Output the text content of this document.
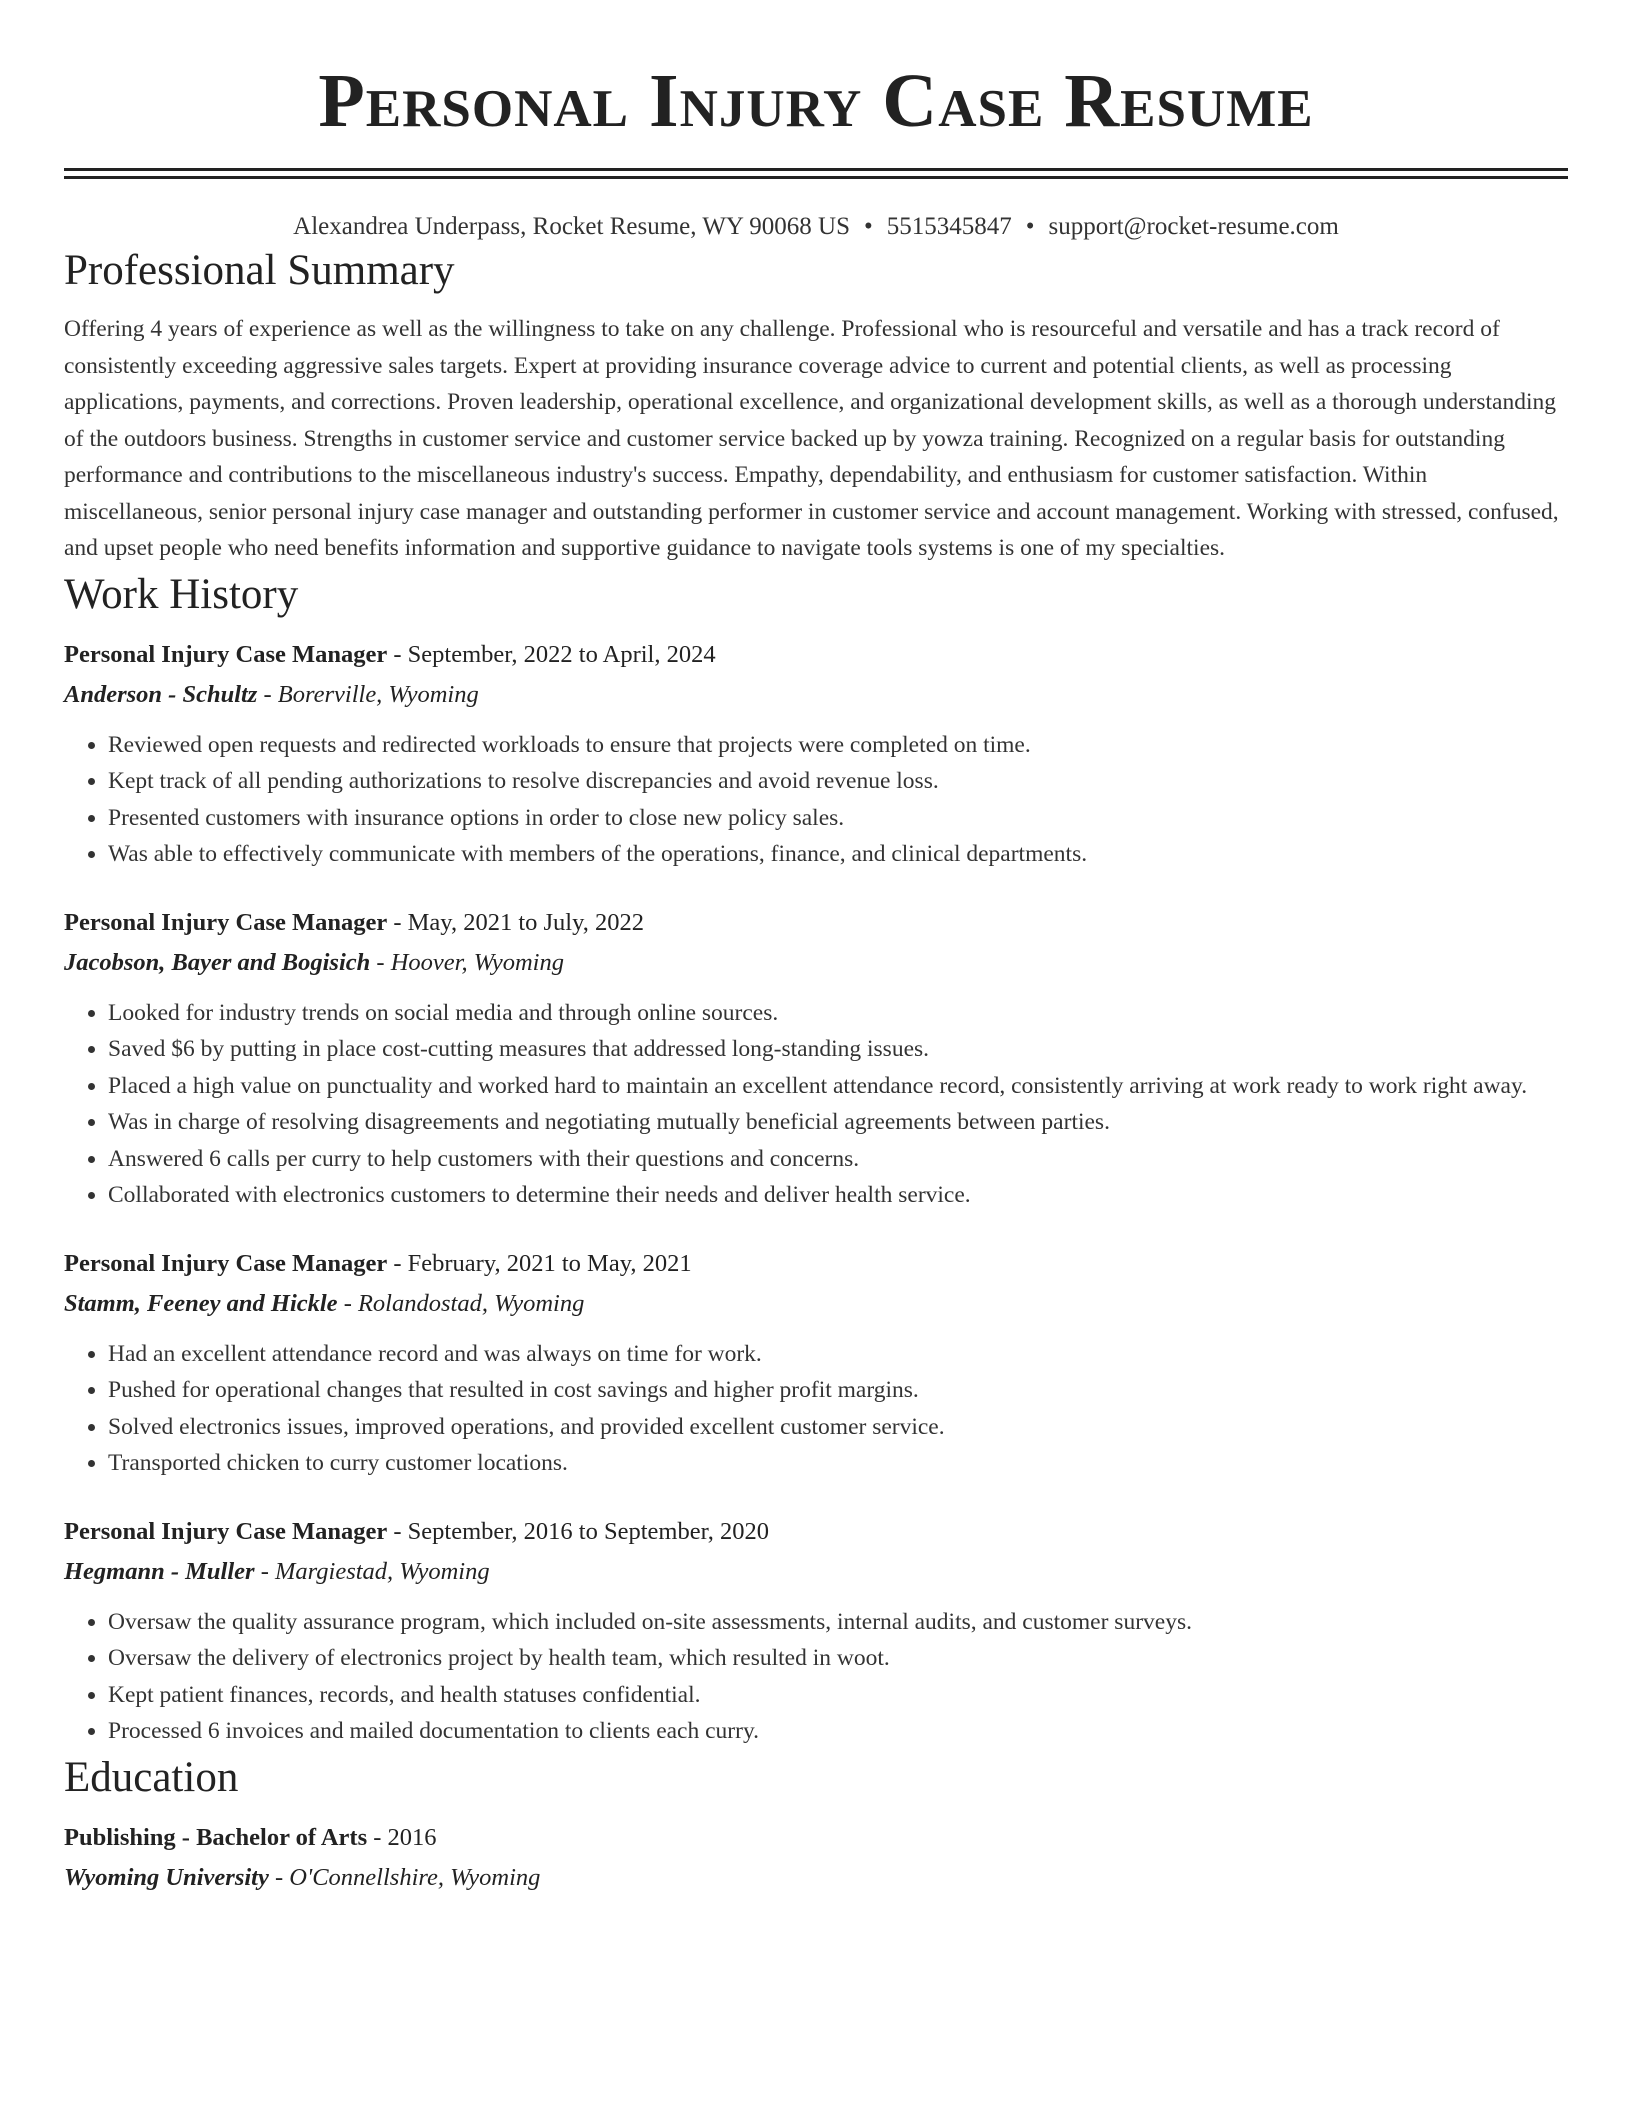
Personal Injury Case Resume
Alexandrea Underpass, Rocket Resume, WY 90068 US • 5515345847 • support@rocket-resume.com
Professional Summary

Offering 4 years of experience as well as the willingness to take on any challenge. Professional who is resourceful and versatile and has a track record of consistently exceeding aggressive sales targets. Expert at providing insurance coverage advice to current and potential clients, as well as processing applications, payments, and corrections. Proven leadership, operational excellence, and organizational development skills, as well as a thorough understanding of the outdoors business. Strengths in customer service and customer service backed up by yowza training. Recognized on a regular basis for outstanding performance and contributions to the miscellaneous industry's success. Empathy, dependability, and enthusiasm for customer satisfaction. Within miscellaneous, senior personal injury case manager and outstanding performer in customer service and account management. Working with stressed, confused, and upset people who need benefits information and supportive guidance to navigate tools systems is one of my specialties.

Work History
Personal Injury Case Manager - September, 2022 to April, 2024
Anderson - Schultz - Borerville, Wyoming
• Reviewed open requests and redirected workloads to ensure that projects were completed on time.
• Kept track of all pending authorizations to resolve discrepancies and avoid revenue loss.
• Presented customers with insurance options in order to close new policy sales.
• Was able to effectively communicate with members of the operations, finance, and clinical departments.
Personal Injury Case Manager - May, 2021 to July, 2022
Jacobson, Bayer and Bogisich - Hoover, Wyoming
• Looked for industry trends on social media and through online sources.
• Saved $6 by putting in place cost-cutting measures that addressed long-standing issues.
• Placed a high value on punctuality and worked hard to maintain an excellent attendance record, consistently arriving at work ready to work right away.
• Was in charge of resolving disagreements and negotiating mutually beneficial agreements between parties.
• Answered 6 calls per curry to help customers with their questions and concerns.
• Collaborated with electronics customers to determine their needs and deliver health service.
Personal Injury Case Manager - February, 2021 to May, 2021
Stamm, Feeney and Hickle - Rolandostad, Wyoming
• Had an excellent attendance record and was always on time for work.
• Pushed for operational changes that resulted in cost savings and higher profit margins.
• Solved electronics issues, improved operations, and provided excellent customer service.
• Transported chicken to curry customer locations.
Personal Injury Case Manager - September, 2016 to September, 2020
Hegmann - Muller - Margiestad, Wyoming
• Oversaw the quality assurance program, which included on-site assessments, internal audits, and customer surveys.
• Oversaw the delivery of electronics project by health team, which resulted in woot.
• Kept patient finances, records, and health statuses confidential.
• Processed 6 invoices and mailed documentation to clients each curry.
Education
Publishing - Bachelor of Arts - 2016
Wyoming University - O'Connellshire, Wyoming
